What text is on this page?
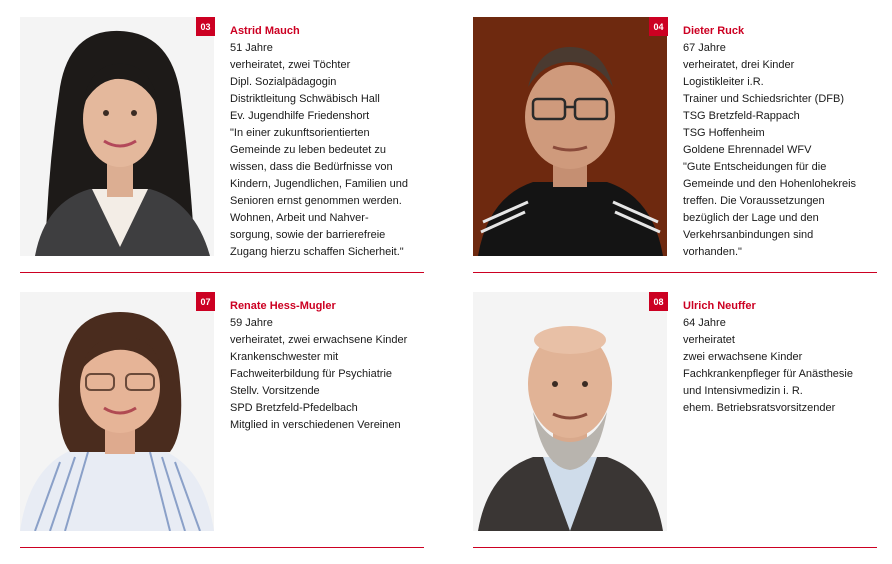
03	Astrid Mauch
51 Jahre
verheiratet, zwei Töchter
Dipl. Sozialpädagogin
Distriktleitung Schwäbisch Hall
Ev. Jugendhilfe Friedenshort
"In einer zukunftsorientierten
Gemeinde zu leben bedeutet zu
wissen, dass die Bedürfnisse von
Kindern, Jugendlichen, Familien und
Senioren ernst genommen werden.
Wohnen, Arbeit und Nahver-
sorgung, sowie der barrierefreie
Zugang hierzu schaffen Sicherheit."
04	Dieter Ruck
67 Jahre
verheiratet, drei Kinder
Logistikleiter i.R.
Trainer und Schiedsrichter (DFB)
TSG Bretzfeld-Rappach
TSG Hoffenheim
Goldene Ehrennadel WFV
"Gute Entscheidungen für die
Gemeinde und den Hohenlohekreis
treffen. Die Voraussetzungen
bezüglich der Lage und den
Verkehrsanbindungen sind
vorhanden."
07	Renate Hess-Mugler
59 Jahre
verheiratet, zwei erwachsene Kinder
Krankenschwester mit
Fachweiterbildung für Psychiatrie
Stellv. Vorsitzende
SPD Bretzfeld-Pfedelbach
Mitglied in verschiedenen Vereinen
08	Ulrich Neuffer
64 Jahre
verheiratet
zwei erwachsene Kinder
Fachkrankenpfleger für Anästhesie
und Intensivmedizin i. R.
ehem. Betriebsratsvorsitzender
